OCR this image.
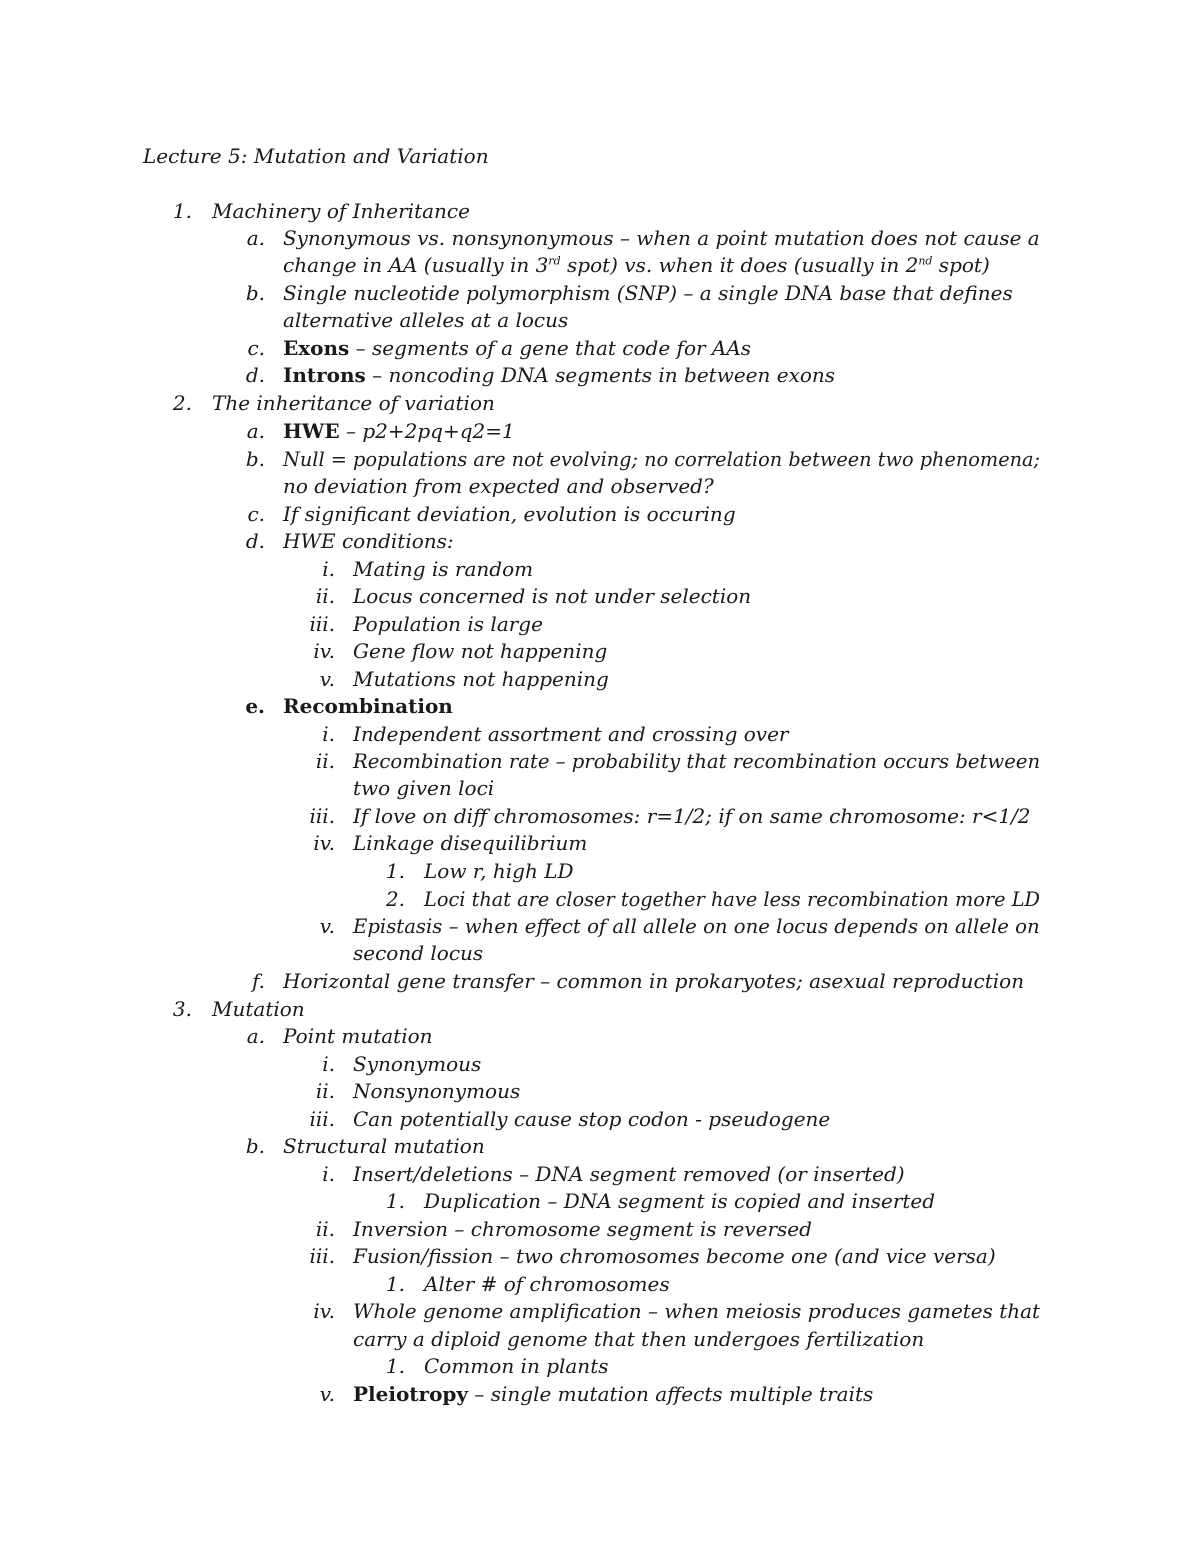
Lecture 5: Mutation and Variation
1. Machinery of Inheritance
a. Synonymous vs. nonsynonymous – when a point mutation does not cause a
change in AA (usually in 3rd spot) vs. when it does (usually in 2nd spot)
b. Single nucleotide polymorphism (SNP) – a single DNA base that defines
alternative alleles at a locus
c. Exons – segments of a gene that code for AAs
d. Introns – noncoding DNA segments in between exons
2. The inheritance of variation
a. HWE – p2+2pq+q2=1
b. Null = populations are not evolving; no correlation between two phenomena;
no deviation from expected and observed?
c. If significant deviation, evolution is occuring
d. HWE conditions:
i. Mating is random
ii. Locus concerned is not under selection
iii. Population is large
iv. Gene flow not happening
v. Mutations not happening
e. Recombination
i. Independent assortment and crossing over
ii. Recombination rate – probability that recombination occurs between
two given loci
iii. If love on diff chromosomes: r=1/2; if on same chromosome: r<1/2
iv. Linkage disequilibrium
1. Low r, high LD
2. Loci that are closer together have less recombination more LD
v. Epistasis – when effect of all allele on one locus depends on allele on
second locus
f. Horizontal gene transfer – common in prokaryotes; asexual reproduction
3. Mutation
a. Point mutation
i. Synonymous
ii. Nonsynonymous
iii. Can potentially cause stop codon - pseudogene
b. Structural mutation
i. Insert/deletions – DNA segment removed (or inserted)
1. Duplication – DNA segment is copied and inserted
ii. Inversion – chromosome segment is reversed
iii. Fusion/fission – two chromosomes become one (and vice versa)
1. Alter # of chromosomes
iv. Whole genome amplification – when meiosis produces gametes that
carry a diploid genome that then undergoes fertilization
1. Common in plants
v. Pleiotropy – single mutation affects multiple traits
